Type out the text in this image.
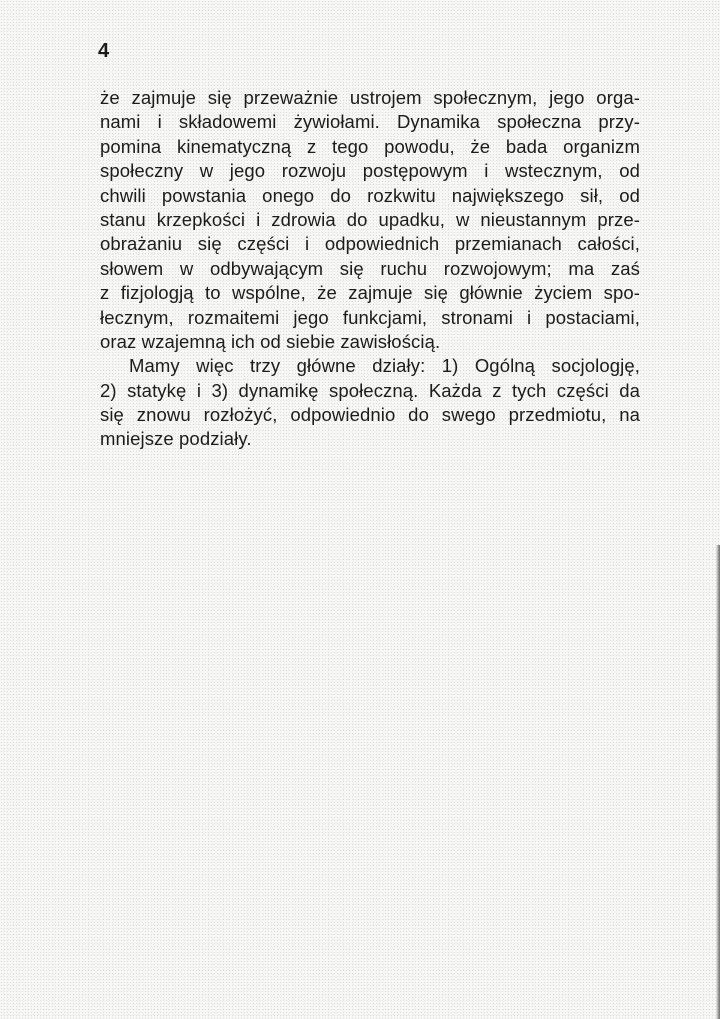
4
że zajmuje się przeważnie ustrojem społecznym, jego orga-
nami i składowemi żywiołami. Dynamika społeczna przy-
pomina kinematyczną z tego powodu, że bada organizm
społeczny w jego rozwoju postępowym i wstecznym, od
chwili powstania onego do rozkwitu największego sił, od
stanu krzepkości i zdrowia do upadku, w nieustannym prze-
obrażaniu się części i odpowiednich przemianach całości,
słowem w odbywającym się ruchu rozwojowym; ma zaś
z fizjologją to wspólne, że zajmuje się głównie życiem spo-
łecznym, rozmaitemi jego funkcjami, stronami i postaciami,
oraz wzajemną ich od siebie zawisłością.
Mamy więc trzy główne działy: 1) Ogólną socjologję,
2) statykę i 3) dynamikę społeczną. Każda z tych części da
się znowu rozłożyć, odpowiednio do swego przedmiotu, na
mniejsze podziały.
